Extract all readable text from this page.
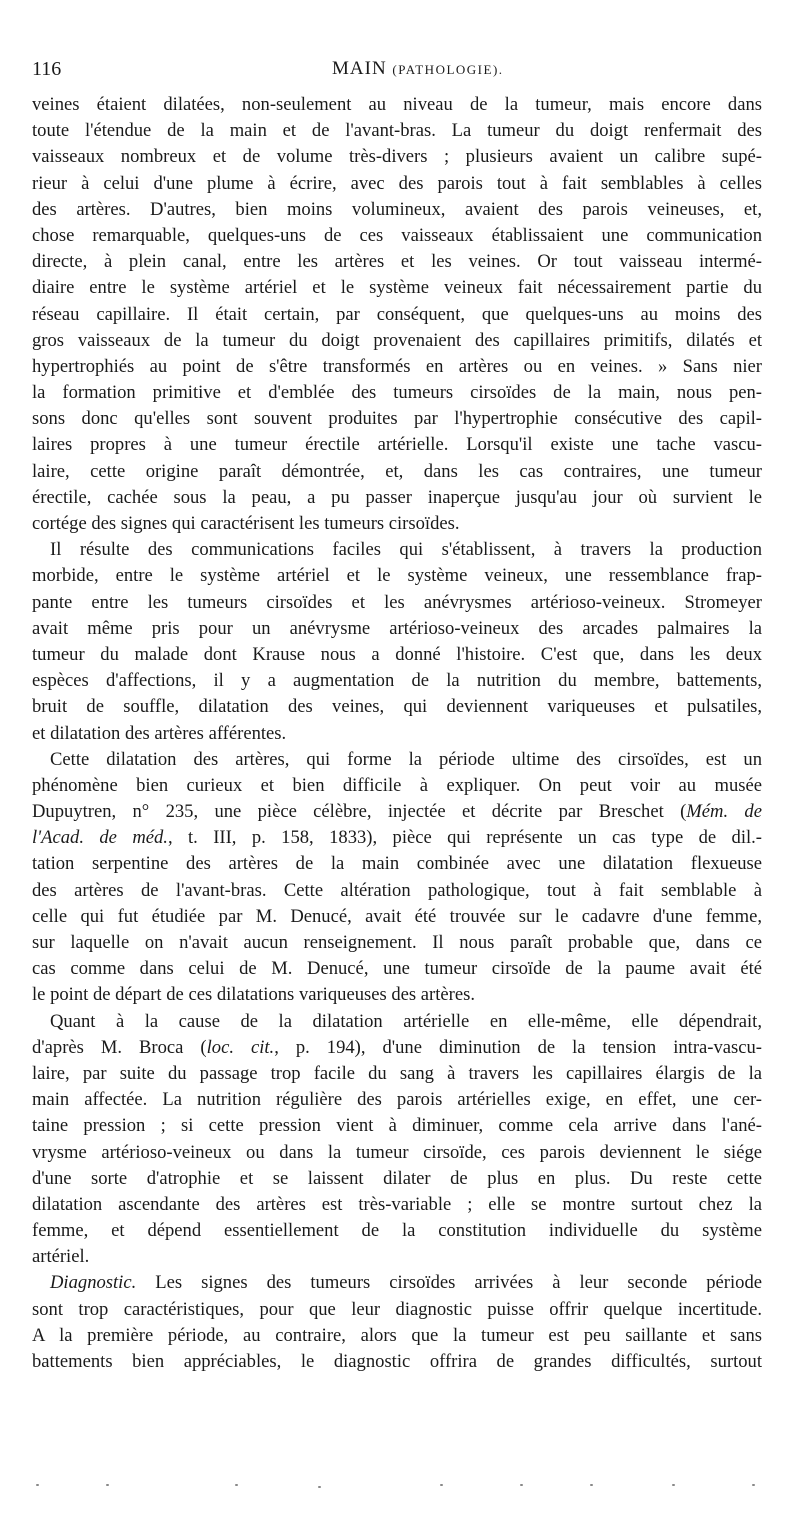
116	MAIN (PATHOLOGIE).
veines étaient dilatées, non-seulement au niveau de la tumeur, mais encore dans
toute l'étendue de la main et de l'avant-bras. La tumeur du doigt renfermait des
vaisseaux nombreux et de volume très-divers ; plusieurs avaient un calibre supé-
rieur à celui d'une plume à écrire, avec des parois tout à fait semblables à celles
des artères. D'autres, bien moins volumineux, avaient des parois veineuses, et,
chose remarquable, quelques-uns de ces vaisseaux établissaient une communication
directe, à plein canal, entre les artères et les veines. Or tout vaisseau intermé-
diaire entre le système artériel et le système veineux fait nécessairement partie du
réseau capillaire. Il était certain, par conséquent, que quelques-uns au moins des
gros vaisseaux de la tumeur du doigt provenaient des capillaires primitifs, dilatés et
hypertrophiés au point de s'être transformés en artères ou en veines. » Sans nier
la formation primitive et d'emblée des tumeurs cirsoïdes de la main, nous pen-
sons donc qu'elles sont souvent produites par l'hypertrophie consécutive des capil-
laires propres à une tumeur érectile artérielle. Lorsqu'il existe une tache vascu-
laire, cette origine paraît démontrée, et, dans les cas contraires, une tumeur
érectile, cachée sous la peau, a pu passer inaperçue jusqu'au jour où survient le
cortége des signes qui caractérisent les tumeurs cirsoïdes.
Il résulte des communications faciles qui s'établissent, à travers la production
morbide, entre le système artériel et le système veineux, une ressemblance frap-
pante entre les tumeurs cirsoïdes et les anévrysmes artérioso-veineux. Stromeyer
avait même pris pour un anévrysme artérioso-veineux des arcades palmaires la
tumeur du malade dont Krause nous a donné l'histoire. C'est que, dans les deux
espèces d'affections, il y a augmentation de la nutrition du membre, battements,
bruit de souffle, dilatation des veines, qui deviennent variqueuses et pulsatiles,
et dilatation des artères afférentes.
Cette dilatation des artères, qui forme la période ultime des cirsoïdes, est un
phénomène bien curieux et bien difficile à expliquer. On peut voir au musée
Dupuytren, n° 235, une pièce célèbre, injectée et décrite par Breschet (Mém. de
l'Acad. de méd., t. III, p. 158, 1833), pièce qui représente un cas type de dil.-
tation serpentine des artères de la main combinée avec une dilatation flexueuse
des artères de l'avant-bras. Cette altération pathologique, tout à fait semblable à
celle qui fut étudiée par M. Denucé, avait été trouvée sur le cadavre d'une femme,
sur laquelle on n'avait aucun renseignement. Il nous paraît probable que, dans ce
cas comme dans celui de M. Denucé, une tumeur cirsoïde de la paume avait été
le point de départ de ces dilatations variqueuses des artères.
Quant à la cause de la dilatation artérielle en elle-même, elle dépendrait,
d'après M. Broca (loc. cit., p. 194), d'une diminution de la tension intra-vascu-
laire, par suite du passage trop facile du sang à travers les capillaires élargis de la
main affectée. La nutrition régulière des parois artérielles exige, en effet, une cer-
taine pression ; si cette pression vient à diminuer, comme cela arrive dans l'ané-
vrysme artérioso-veineux ou dans la tumeur cirsoïde, ces parois deviennent le siége
d'une sorte d'atrophie et se laissent dilater de plus en plus. Du reste cette
dilatation ascendante des artères est très-variable ; elle se montre surtout chez la
femme, et dépend essentiellement de la constitution individuelle du système
artériel.
Diagnostic. Les signes des tumeurs cirsoïdes arrivées à leur seconde période
sont trop caractéristiques, pour que leur diagnostic puisse offrir quelque incertitude.
A la première période, au contraire, alors que la tumeur est peu saillante et sans
battements bien appréciables, le diagnostic offrira de grandes difficultés, surtout
